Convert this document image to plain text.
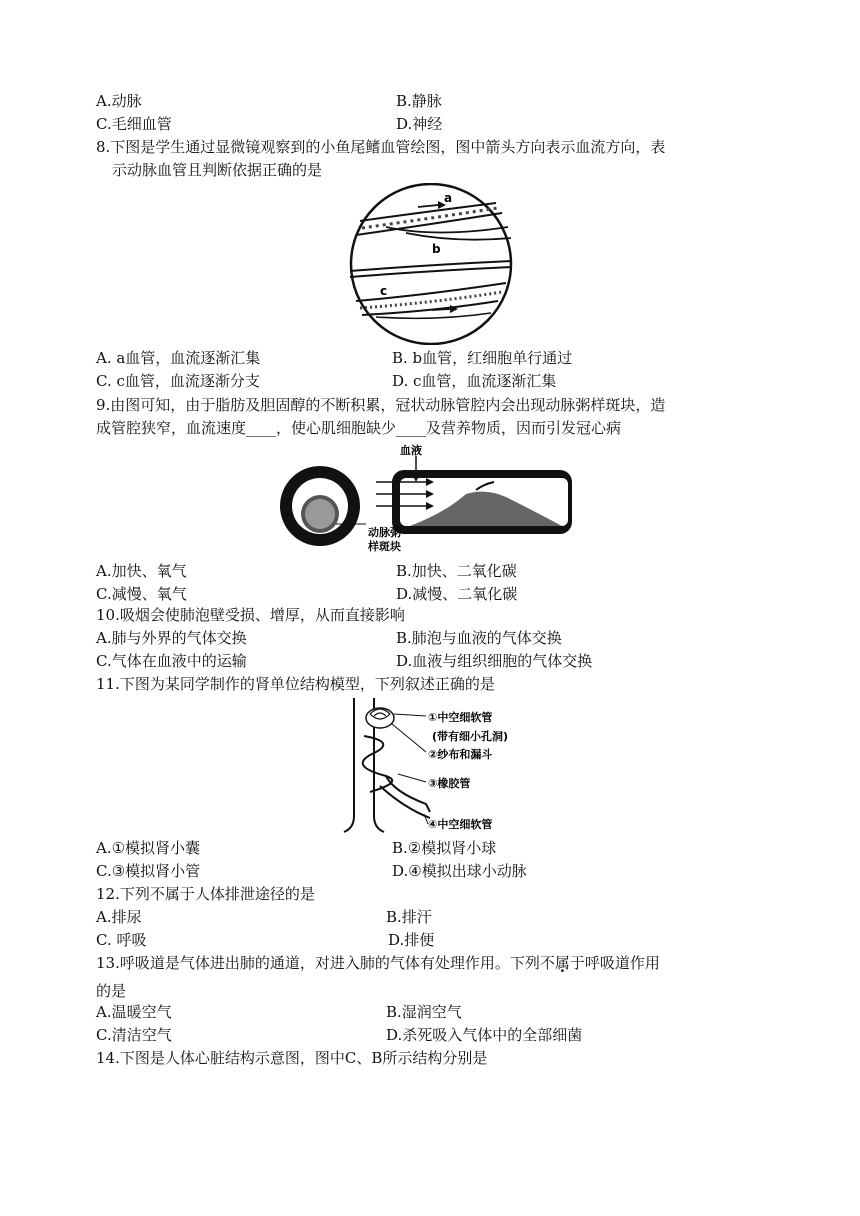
A.动脉	B.静脉
C.毛细血管	D.神经
8.下图是学生通过显微镜观察到的小鱼尾鳍血管绘图，图中箭头方向表示血流方向，表
示动脉血管且判断依据正确的是
a
b
c
A. a血管，血流逐渐汇集	B. b血管，红细胞单行通过
C. c血管，血流逐渐分支	D. c血管，血流逐渐汇集
9.由图可知，由于脂肪及胆固醇的不断积累，冠状动脉管腔内会出现动脉粥样斑块，造
成管腔狭窄，血流速度____，使心肌细胞缺少____及营养物质，因而引发冠心病
血液
动脉粥
样斑块
A.加快、氧气	B.加快、二氧化碳
C.减慢、氧气	D.减慢、二氧化碳
10.吸烟会使肺泡壁受损、增厚，从而直接影响
A.肺与外界的气体交换	B.肺泡与血液的气体交换
C.气体在血液中的运输	D.血液与组织细胞的气体交换
11.下图为某同学制作的肾单位结构模型，下列叙述正确的是
①中空细软管
(带有细小孔洞)
②纱布和漏斗
③橡胶管
④中空细软管
A.①模拟肾小囊	B.②模拟肾小球
C.③模拟肾小管	D.④模拟出球小动脉
12.下列不属于人体排泄途径的是
A.排尿	B.排汗
C. 呼吸	D.排便
13.呼吸道是气体进出肺的通道，对进入肺的气体有处理作用。下列不属于呼吸道作用
的是
A.温暖空气	B.湿润空气
C.清洁空气	D.杀死吸入气体中的全部细菌
14.下图是人体心脏结构示意图，图中C、B所示结构分别是
